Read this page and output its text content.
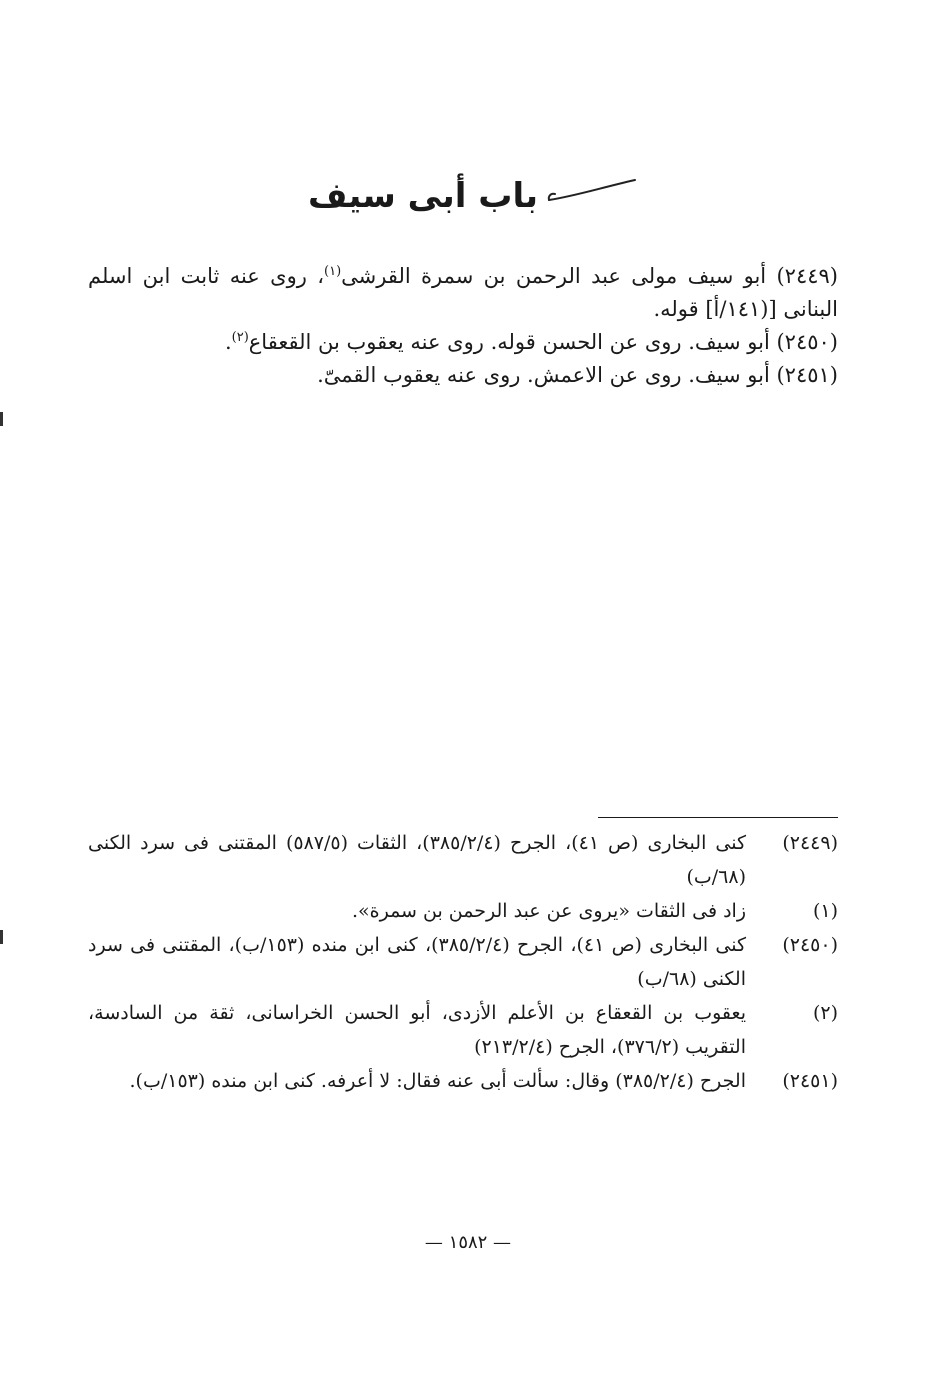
باب أبى سيف

(٢٤٤٩) أبو سيف مولى عبد الرحمن بن سمرة القرشى$^{(١)}$، روى عنه ثابت ابن اسلم البنانى [(١٤١/أ] قوله.

(٢٤٥٠) أبو سيف. روى عن الحسن قوله. روى عنه يعقوب بن القعقاع$^{(٢)}$.

(٢٤٥١) أبو سيف. روى عن الاعمش. روى عنه يعقوب القمىّ.

(٢٤٤٩)
كنى البخارى (ص ٤١)، الجرح (٣٨٥/٢/٤)، الثقات (٥٨٧/٥) المقتنى فى سرد الكنى (٦٨/ب)
(١)
زاد فى الثقات «يروى عن عبد الرحمن بن سمرة».
(٢٤٥٠)
كنى البخارى (ص ٤١)، الجرح (٣٨٥/٢/٤)، كنى ابن منده (١٥٣/ب)، المقتنى فى سرد الكنى (٦٨/ب)
(٢)
يعقوب بن القعقاع بن الأعلم الأزدى، أبو الحسن الخراسانى، ثقة من السادسة، التقريب (٣٧٦/٢)، الجرح (٢١٣/٢/٤)
(٢٤٥١)
الجرح (٣٨٥/٢/٤) وقال: سألت أبى عنه فقال: لا أعرفه. كنى ابن منده (١٥٣/ب).
— ١٥٨٢ —
